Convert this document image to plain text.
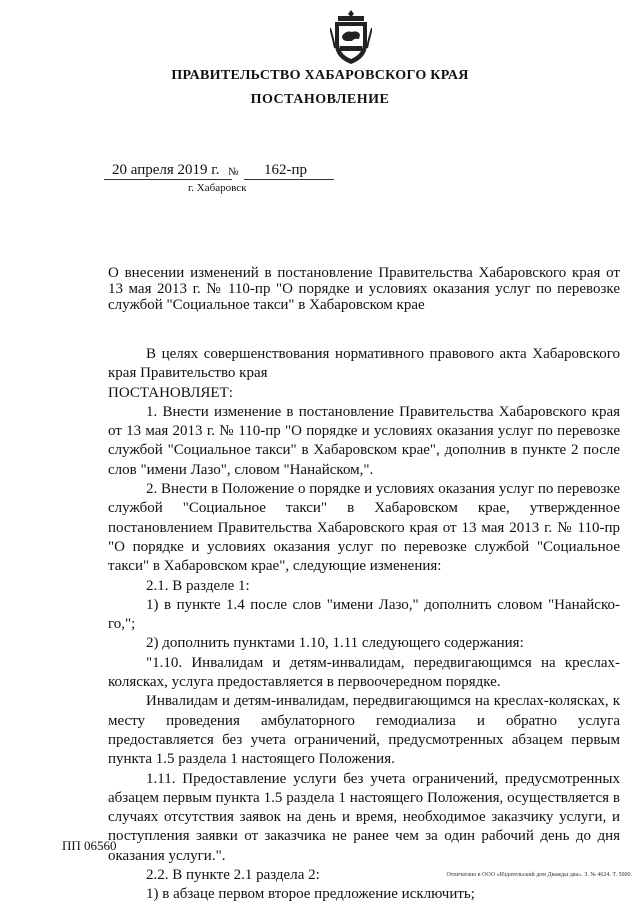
ПРАВИТЕЛЬСТВО ХАБАРОВСКОГО КРАЯ
ПОСТАНОВЛЕНИЕ
20 апреля 2019 г. № 162-пр
г. Хабаровск
О внесении изменений в постановление Правительства Хабаровского края от 13 мая 2013 г. № 110-пр "О порядке и условиях оказания услуг по перевозке службой "Социальное такси" в Хабаровском крае

В целях совершенствования нормативного правового акта Хабаровского края Правительство края

ПОСТАНОВЛЯЕТ:

1. Внести изменение в постановление Правительства Хабаровского края от 13 мая 2013 г. № 110-пр "О порядке и условиях оказания услуг по перевозке службой "Социальное такси" в Хабаровском крае", дополнив в пункте 2 после слов "имени Лазо", словом "Нанайском,".

2. Внести в Положение о порядке и условиях оказания услуг по перевозке службой "Социальное такси" в Хабаровском крае, утвержденное постановлением Правительства Хабаровского края от 13 мая 2013 г. № 110-пр "О порядке и условиях оказания услуг по перевозке службой "Социальное такси" в Хабаровском крае", следующие изменения:

2.1. В разделе 1:

1) в пункте 1.4 после слов "имени Лазо," дополнить словом "Нанайско-го,";

2) дополнить пунктами 1.10, 1.11 следующего содержания:

"1.10. Инвалидам и детям-инвалидам, передвигающимся на креслах-колясках, услуга предоставляется в первоочередном порядке.

Инвалидам и детям-инвалидам, передвигающимся на креслах-колясках, к месту проведения амбулаторного гемодиализа и обратно услуга предоставляется без учета ограничений, предусмотренных абзацем первым пункта 1.5 раздела 1 настоящего Положения.

1.11. Предоставление услуги без учета ограничений, предусмотренных абзацем первым пункта 1.5 раздела 1 настоящего Положения, осуществляется в случаях отсутствия заявок на день и время, необходимое заказчику услуги, и поступления заявки от заказчика не ранее чем за один рабочий день до дня оказания услуги.".

2.2. В пункте 2.1 раздела 2:

1) в абзаце первом второе предложение исключить;

ПП 06560
Отпечатано в ООО «Издательский дом Дважды два». З. № 4624. Т. 5000.
